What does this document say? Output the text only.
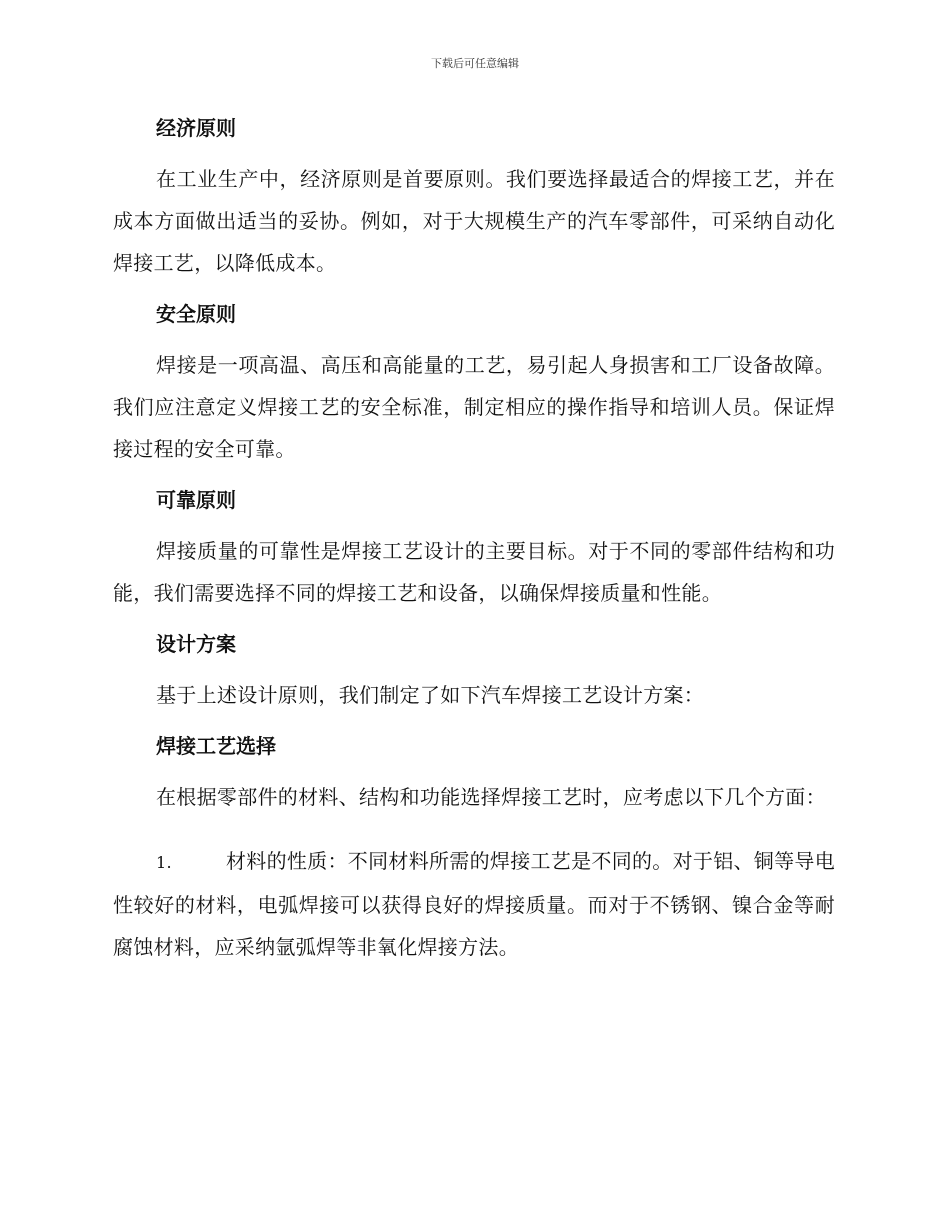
下载后可任意编辑
经济原则

在工业生产中，经济原则是首要原则。我们要选择最适合的焊接工艺，并在成本方面做出适当的妥协。例如，对于大规模生产的汽车零部件，可采纳自动化焊接工艺，以降低成本。

安全原则

焊接是一项高温、高压和高能量的工艺，易引起人身损害和工厂设备故障。我们应注意定义焊接工艺的安全标准，制定相应的操作指导和培训人员。保证焊接过程的安全可靠。

可靠原则

焊接质量的可靠性是焊接工艺设计的主要目标。对于不同的零部件结构和功能，我们需要选择不同的焊接工艺和设备，以确保焊接质量和性能。

设计方案

基于上述设计原则，我们制定了如下汽车焊接工艺设计方案：

焊接工艺选择

在根据零部件的材料、结构和功能选择焊接工艺时，应考虑以下几个方面：

1.	材料的性质：不同材料所需的焊接工艺是不同的。对于铝、铜等导电性较好的材料，电弧焊接可以获得良好的焊接质量。而对于不锈钢、镍合金等耐腐蚀材料，应采纳氩弧焊等非氧化焊接方法。
